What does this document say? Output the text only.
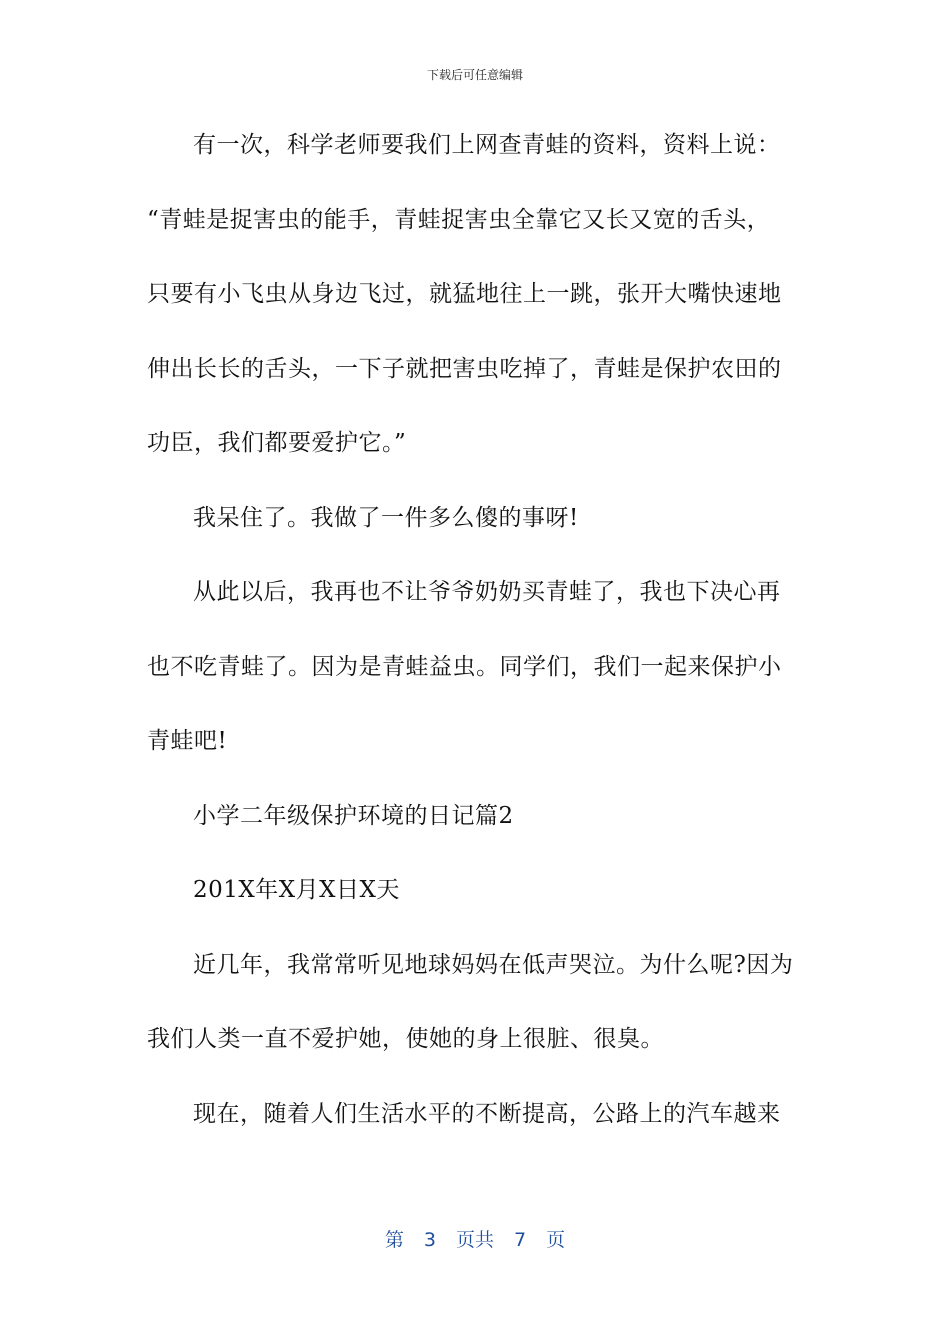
下载后可任意编辑
有一次，科学老师要我们上网查青蛙的资料，资料上说：
“青蛙是捉害虫的能手，青蛙捉害虫全靠它又长又宽的舌头，
只要有小飞虫从身边飞过，就猛地往上一跳，张开大嘴快速地
伸出长长的舌头，一下子就把害虫吃掉了，青蛙是保护农田的
功臣，我们都要爱护它。”
我呆住了。我做了一件多么傻的事呀!
从此以后，我再也不让爷爷奶奶买青蛙了，我也下决心再
也不吃青蛙了。因为是青蛙益虫。同学们，我们一起来保护小
青蛙吧!
小学二年级保护环境的日记篇2
201X年X月X日X天
近几年，我常常听见地球妈妈在低声哭泣。为什么呢?因为
我们人类一直不爱护她，使她的身上很脏、很臭。
现在，随着人们生活水平的不断提高，公路上的汽车越来
第 3 页共 7 页
